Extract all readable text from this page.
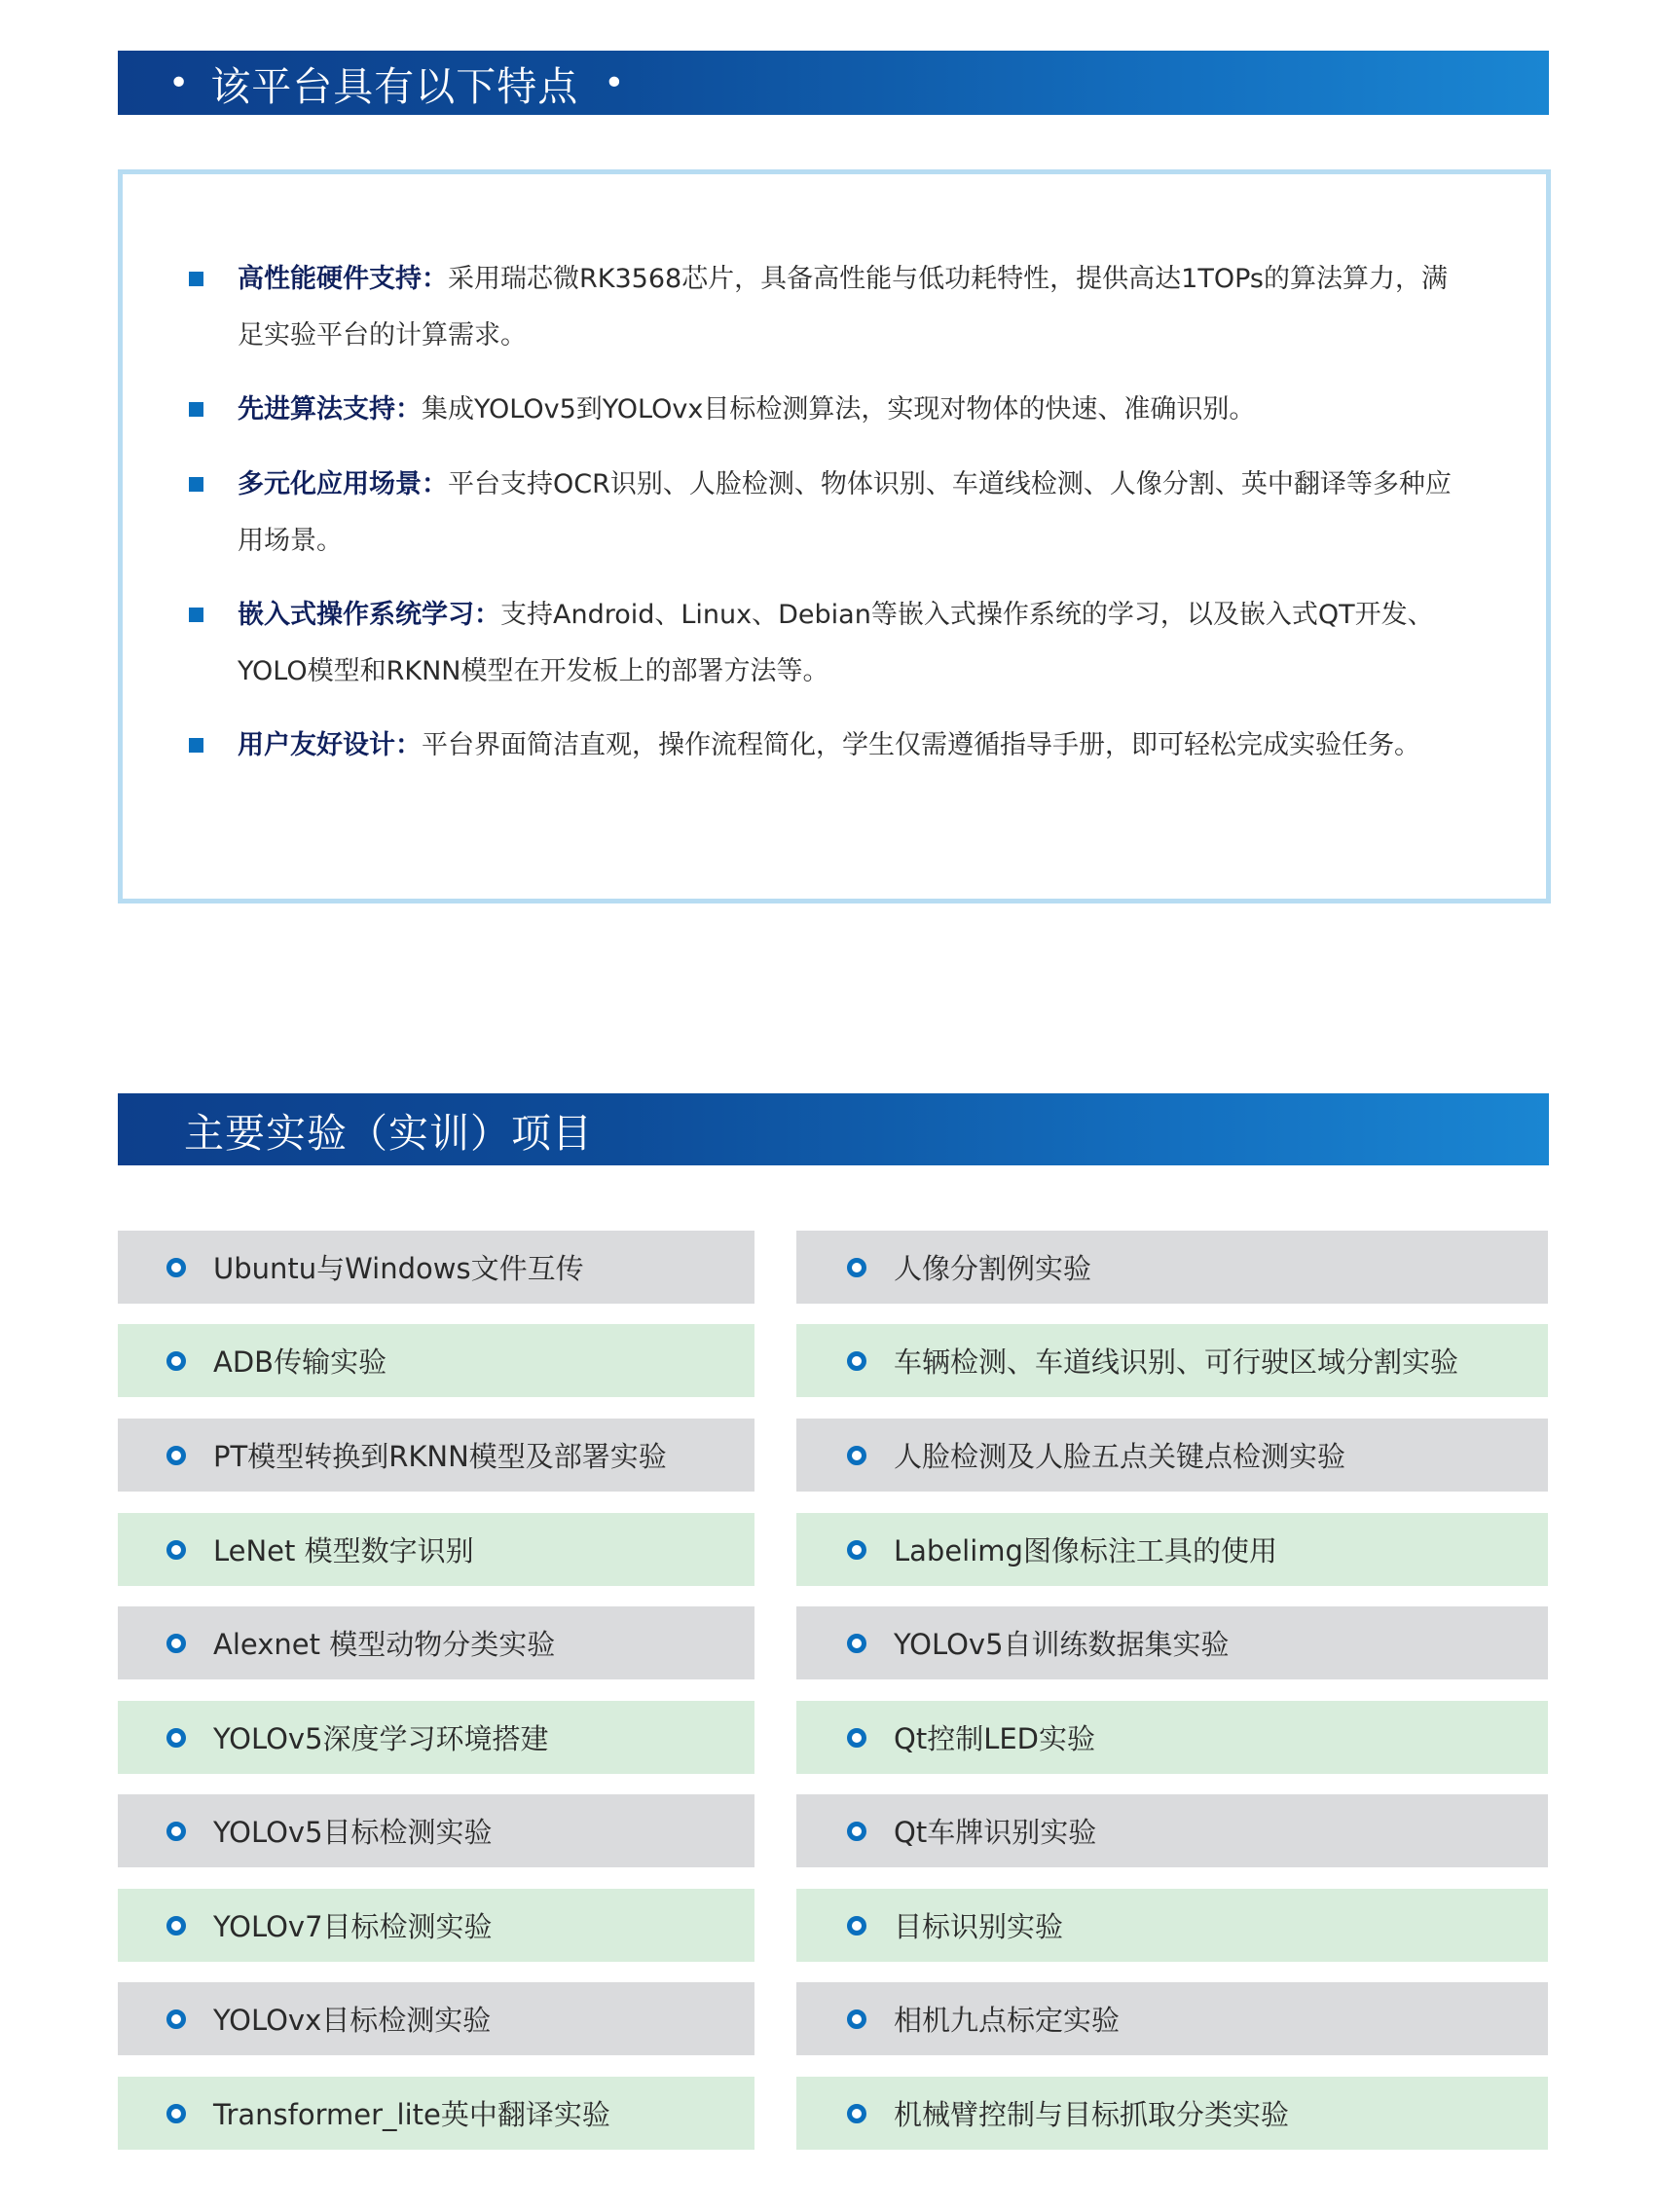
• 该平台具有以下特点 •
高性能硬件支持：采用瑞芯微RK3568芯片，具备高性能与低功耗特性，提供高达1TOPs的算法算力，满足实验平台的计算需求。
先进算法支持：集成YOLOv5到YOLOvx目标检测算法，实现对物体的快速、准确识别。
多元化应用场景：平台支持OCR识别、人脸检测、物体识别、车道线检测、人像分割、英中翻译等多种应用场景。
嵌入式操作系统学习：支持Android、Linux、Debian等嵌入式操作系统的学习，以及嵌入式QT开发、YOLO模型和RKNN模型在开发板上的部署方法等。
用户友好设计：平台界面简洁直观，操作流程简化，学生仅需遵循指导手册，即可轻松完成实验任务。
主要实验（实训）项目
Ubuntu与Windows文件互传
ADB传输实验
PT模型转换到RKNN模型及部署实验
LeNet 模型数字识别
Alexnet 模型动物分类实验
YOLOv5深度学习环境搭建
YOLOv5目标检测实验
YOLOv7目标检测实验
YOLOvx目标检测实验
Transformer_lite英中翻译实验
人像分割例实验
车辆检测、车道线识别、可行驶区域分割实验
人脸检测及人脸五点关键点检测实验
Labelimg图像标注工具的使用
YOLOv5自训练数据集实验
Qt控制LED实验
Qt车牌识别实验
目标识别实验
相机九点标定实验
机械臂控制与目标抓取分类实验
